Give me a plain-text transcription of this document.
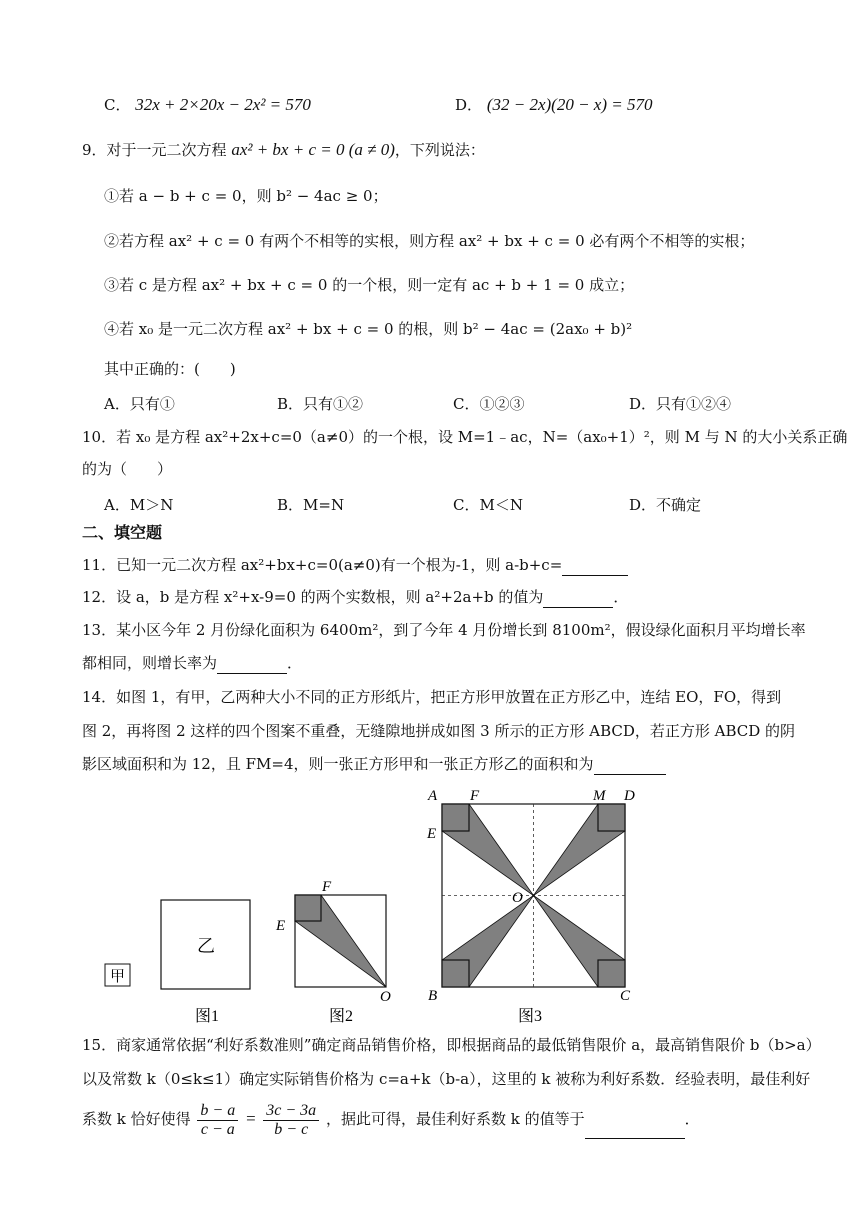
C． 32x + 2×20x − 2x² = 570	D． (32 − 2x)(20 − x) = 570
9．对于一元二次方程 ax² + bx + c = 0 (a ≠ 0)，下列说法：
①若 a − b + c = 0，则 b² − 4ac ≥ 0；
②若方程 ax² + c = 0 有两个不相等的实根，则方程 ax² + bx + c = 0 必有两个不相等的实根；
③若 c 是方程 ax² + bx + c = 0 的一个根，则一定有 ac + b + 1 = 0 成立；
④若 x₀ 是一元二次方程 ax² + bx + c = 0 的根，则 b² − 4ac = (2ax₀ + b)²
其中正确的：(　　)
A．只有①	B．只有①②	C．①②③	D．只有①②④
10．若 x₀ 是方程 ax²+2x+c=0（a≠0）的一个根，设 M=1﹣ac，N=（ax₀+1）²，则 M 与 N 的大小关系正确
的为（　　）
A．M＞N	B．M=N	C．M＜N	D．不确定
二、填空题
11．已知一元二次方程 ax²+bx+c=0(a≠0)有一个根为-1，则 a-b+c=
12．设 a，b 是方程 x²+x-9=0 的两个实数根，则 a²+2a+b 的值为	．
13．某小区今年 2 月份绿化面积为 6400m²，到了今年 4 月份增长到 8100m²，假设绿化面积月平均增长率
都相同，则增长率为	．
14．如图 1，有甲，乙两种大小不同的正方形纸片，把正方形甲放置在正方形乙中，连结 EO，FO，得到
图 2，再将图 2 这样的四个图案不重叠，无缝隙地拼成如图 3 所示的正方形 ABCD，若正方形 ABCD 的阴
影区域面积和为 12，且 FM=4，则一张正方形甲和一张正方形乙的面积和为
甲
乙
图1
F
E
O
图2
A F	M D
E
O
B	C
图3
15．商家通常依据“利好系数准则”确定商品销售价格，即根据商品的最低销售限价 a，最高销售限价 b（b>a）
以及常数 k（0≤k≤1）确定实际销售价格为 c=a+k（b-a），这里的 k 被称为利好系数．经验表明，最佳利好
系数 k 恰好使得 $\frac{b - a}{c - a} = \frac{3c - 3a}{b - c}$ ，据此可得，最佳利好系数 k 的值等于	．
